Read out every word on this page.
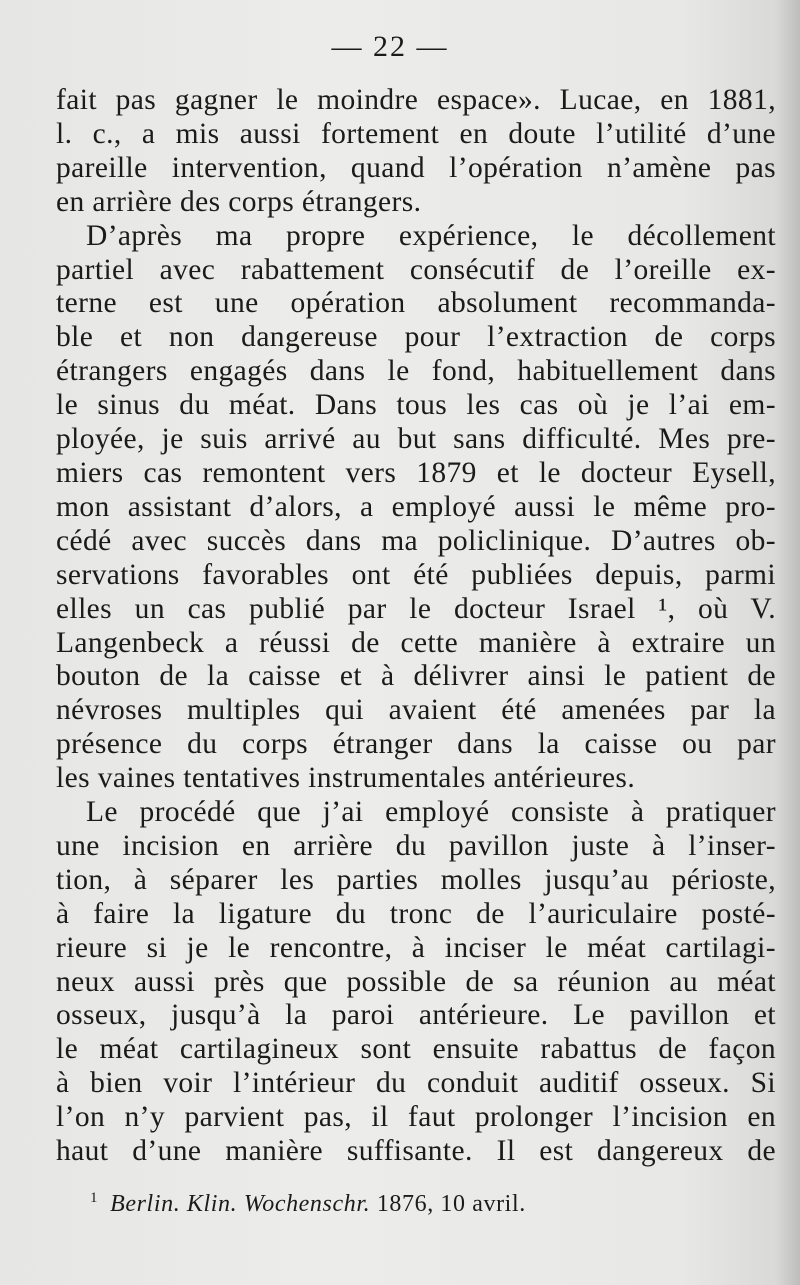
— 22 —
fait pas gagner le moindre espace». Lucae, en 1881,
l. c., a mis aussi fortement en doute l’utilité d’une
pareille intervention, quand l’opération n’amène pas
en arrière des corps étrangers.
D’après ma propre expérience, le décollement
partiel avec rabattement consécutif de l’oreille ex-
terne est une opération absolument recommanda-
ble et non dangereuse pour l’extraction de corps
étrangers engagés dans le fond, habituellement dans
le sinus du méat. Dans tous les cas où je l’ai em-
ployée, je suis arrivé au but sans difficulté. Mes pre-
miers cas remontent vers 1879 et le docteur Eysell,
mon assistant d’alors, a employé aussi le même pro-
cédé avec succès dans ma policlinique. D’autres ob-
servations favorables ont été publiées depuis, parmi
elles un cas publié par le docteur Israel ¹, où V.
Langenbeck a réussi de cette manière à extraire un
bouton de la caisse et à délivrer ainsi le patient de
névroses multiples qui avaient été amenées par la
présence du corps étranger dans la caisse ou par
les vaines tentatives instrumentales antérieures.
Le procédé que j’ai employé consiste à pratiquer
une incision en arrière du pavillon juste à l’inser-
tion, à séparer les parties molles jusqu’au périoste,
à faire la ligature du tronc de l’auriculaire posté-
rieure si je le rencontre, à inciser le méat cartilagi-
neux aussi près que possible de sa réunion au méat
osseux, jusqu’à la paroi antérieure. Le pavillon et
le méat cartilagineux sont ensuite rabattus de façon
à bien voir l’intérieur du conduit auditif osseux. Si
l’on n’y parvient pas, il faut prolonger l’incision en
haut d’une manière suffisante. Il est dangereux de
$^1$ Berlin. Klin. Wochenschr. 1876, 10 avril.
